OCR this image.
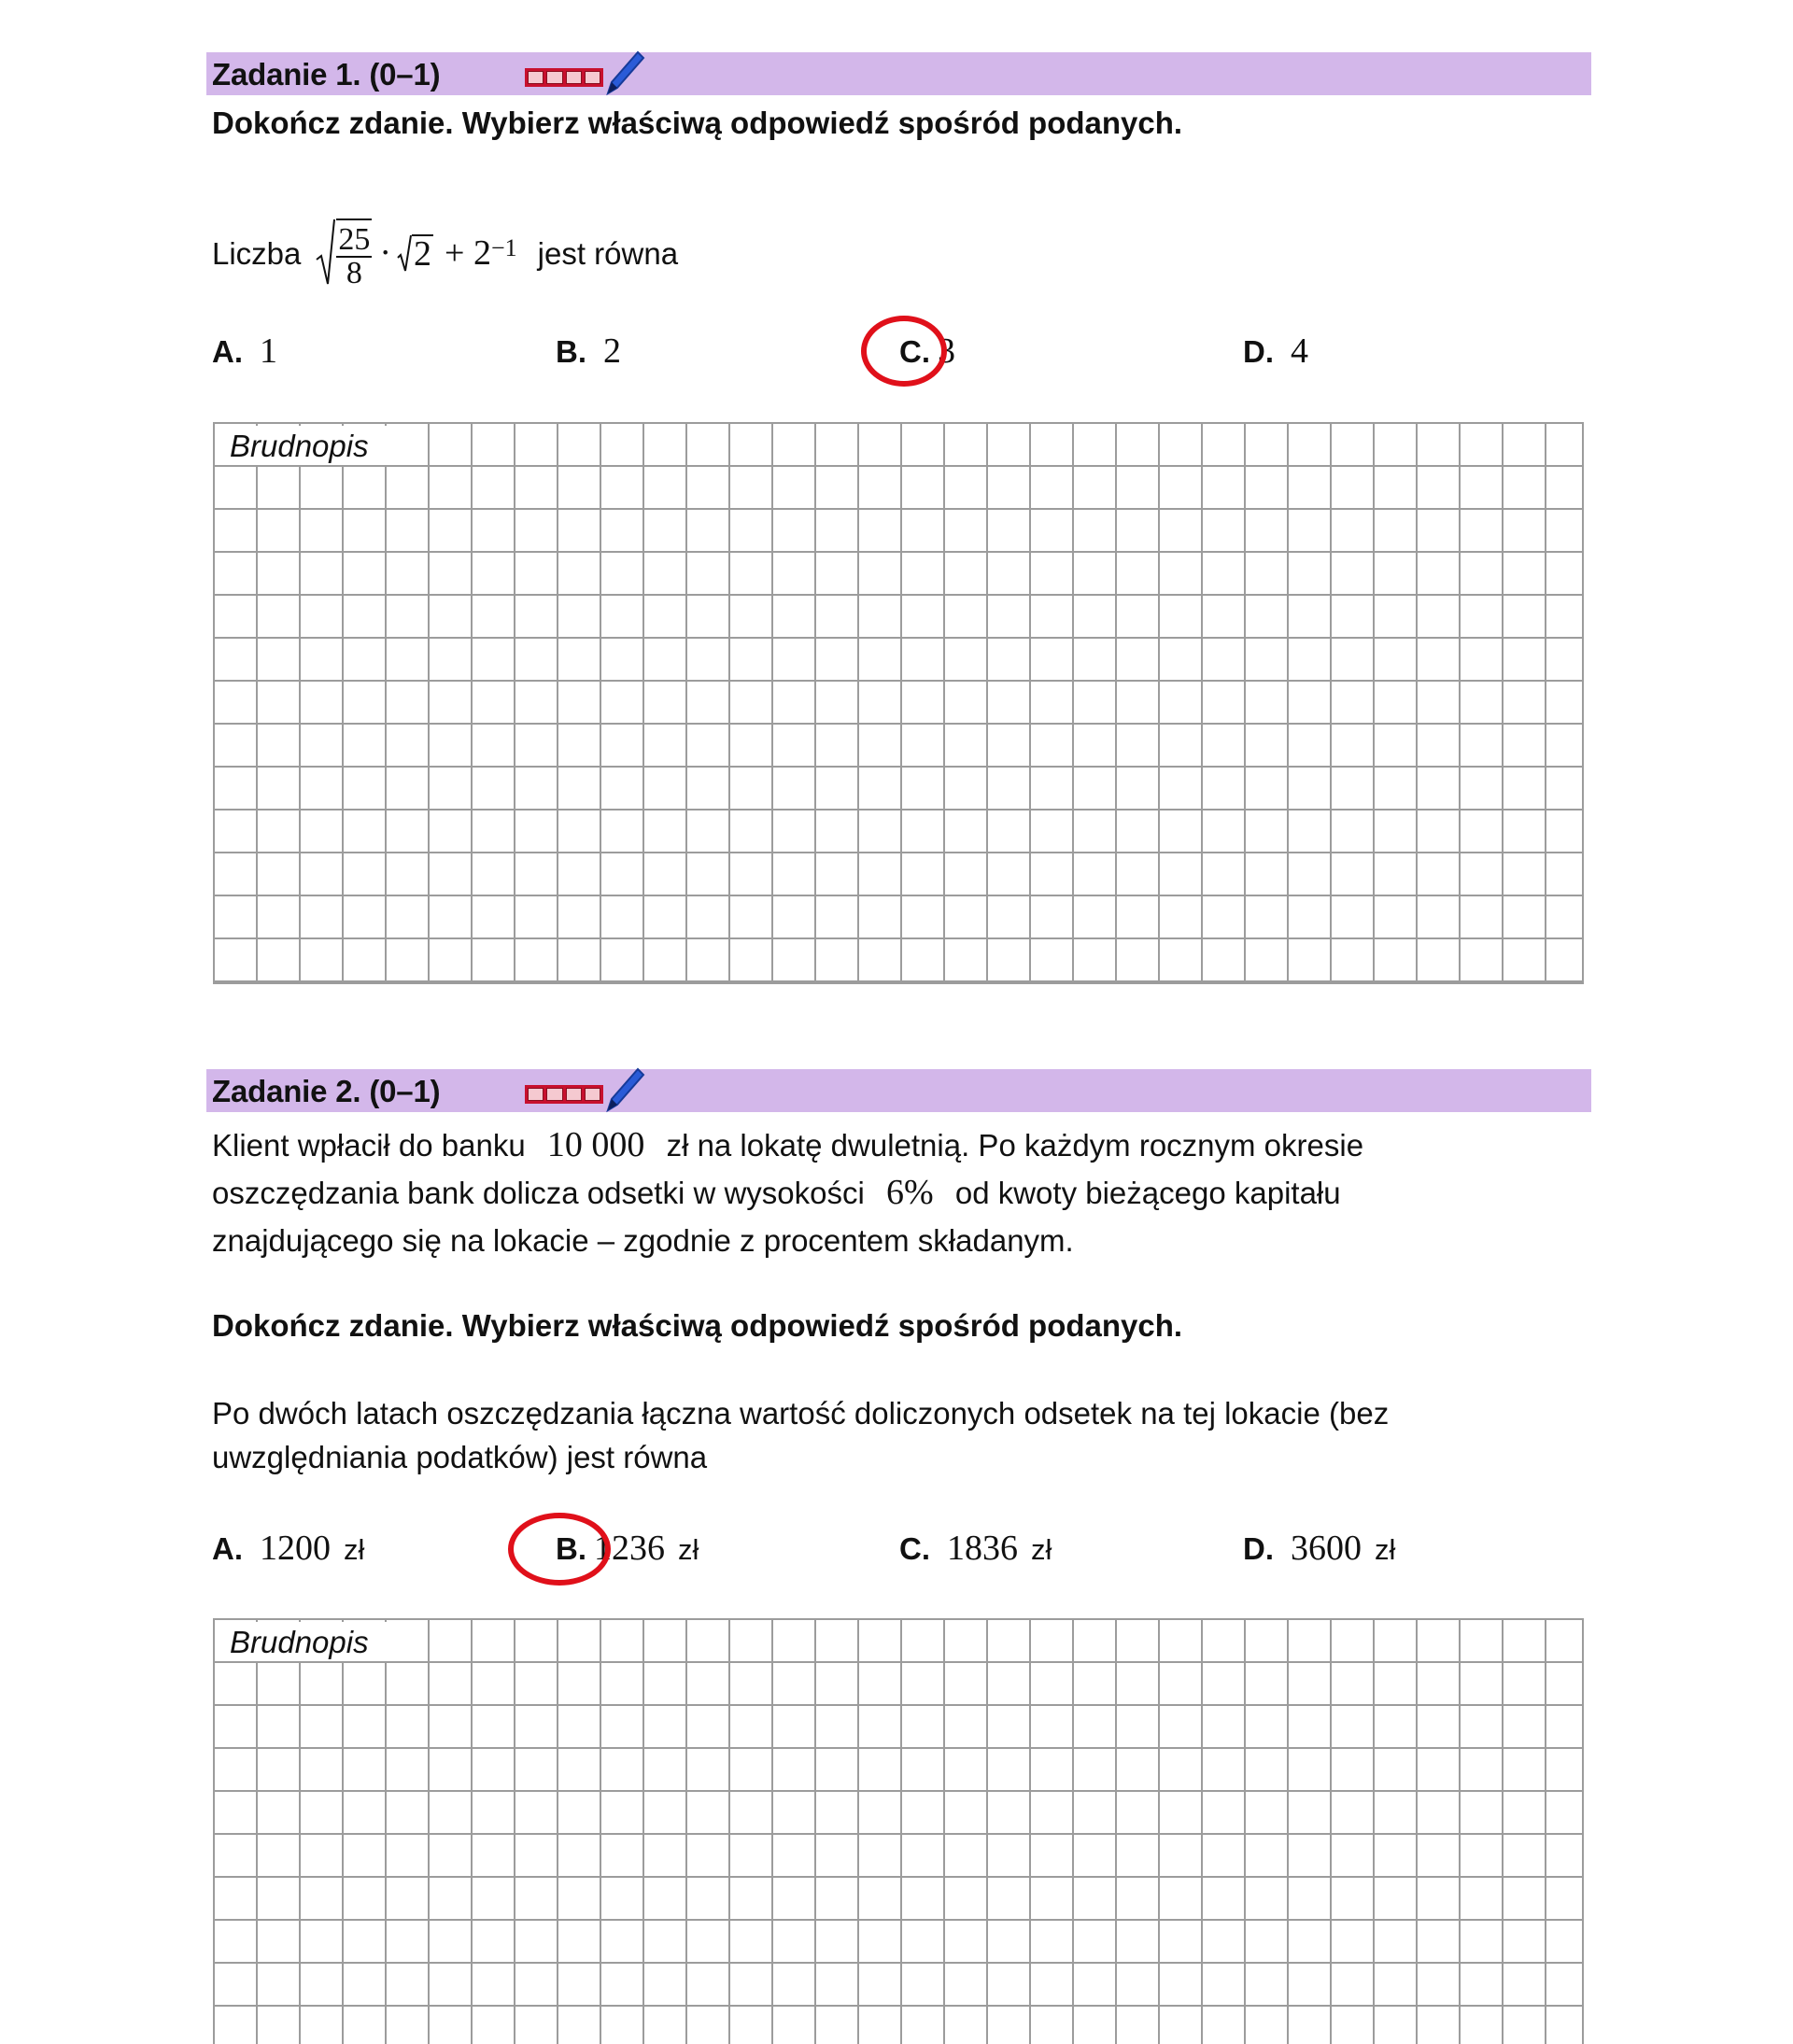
Zadanie 1. (0–1)
Dokończ zdanie. Wybierz właściwą odpowiedź spośród podanych.
Liczba $\frac{25}{8} \cdot 2 + 2^{-1}$ jest równa
A. 1	B. 2	C. 3	D. 4
Brudnopis
Zadanie 2. (0–1)
Klient wpłacił do banku 10 000 zł na lokatę dwuletnią. Po każdym rocznym okresie
oszczędzania bank dolicza odsetki w wysokości 6% od kwoty bieżącego kapitału
znajdującego się na lokacie – zgodnie z procentem składanym.
Dokończ zdanie. Wybierz właściwą odpowiedź spośród podanych.
Po dwóch latach oszczędzania łączna wartość doliczonych odsetek na tej lokacie (bez
uwzględniania podatków) jest równa
A. 1200 zł	B. 1236 zł	C. 1836 zł	D. 3600 zł
Brudnopis
